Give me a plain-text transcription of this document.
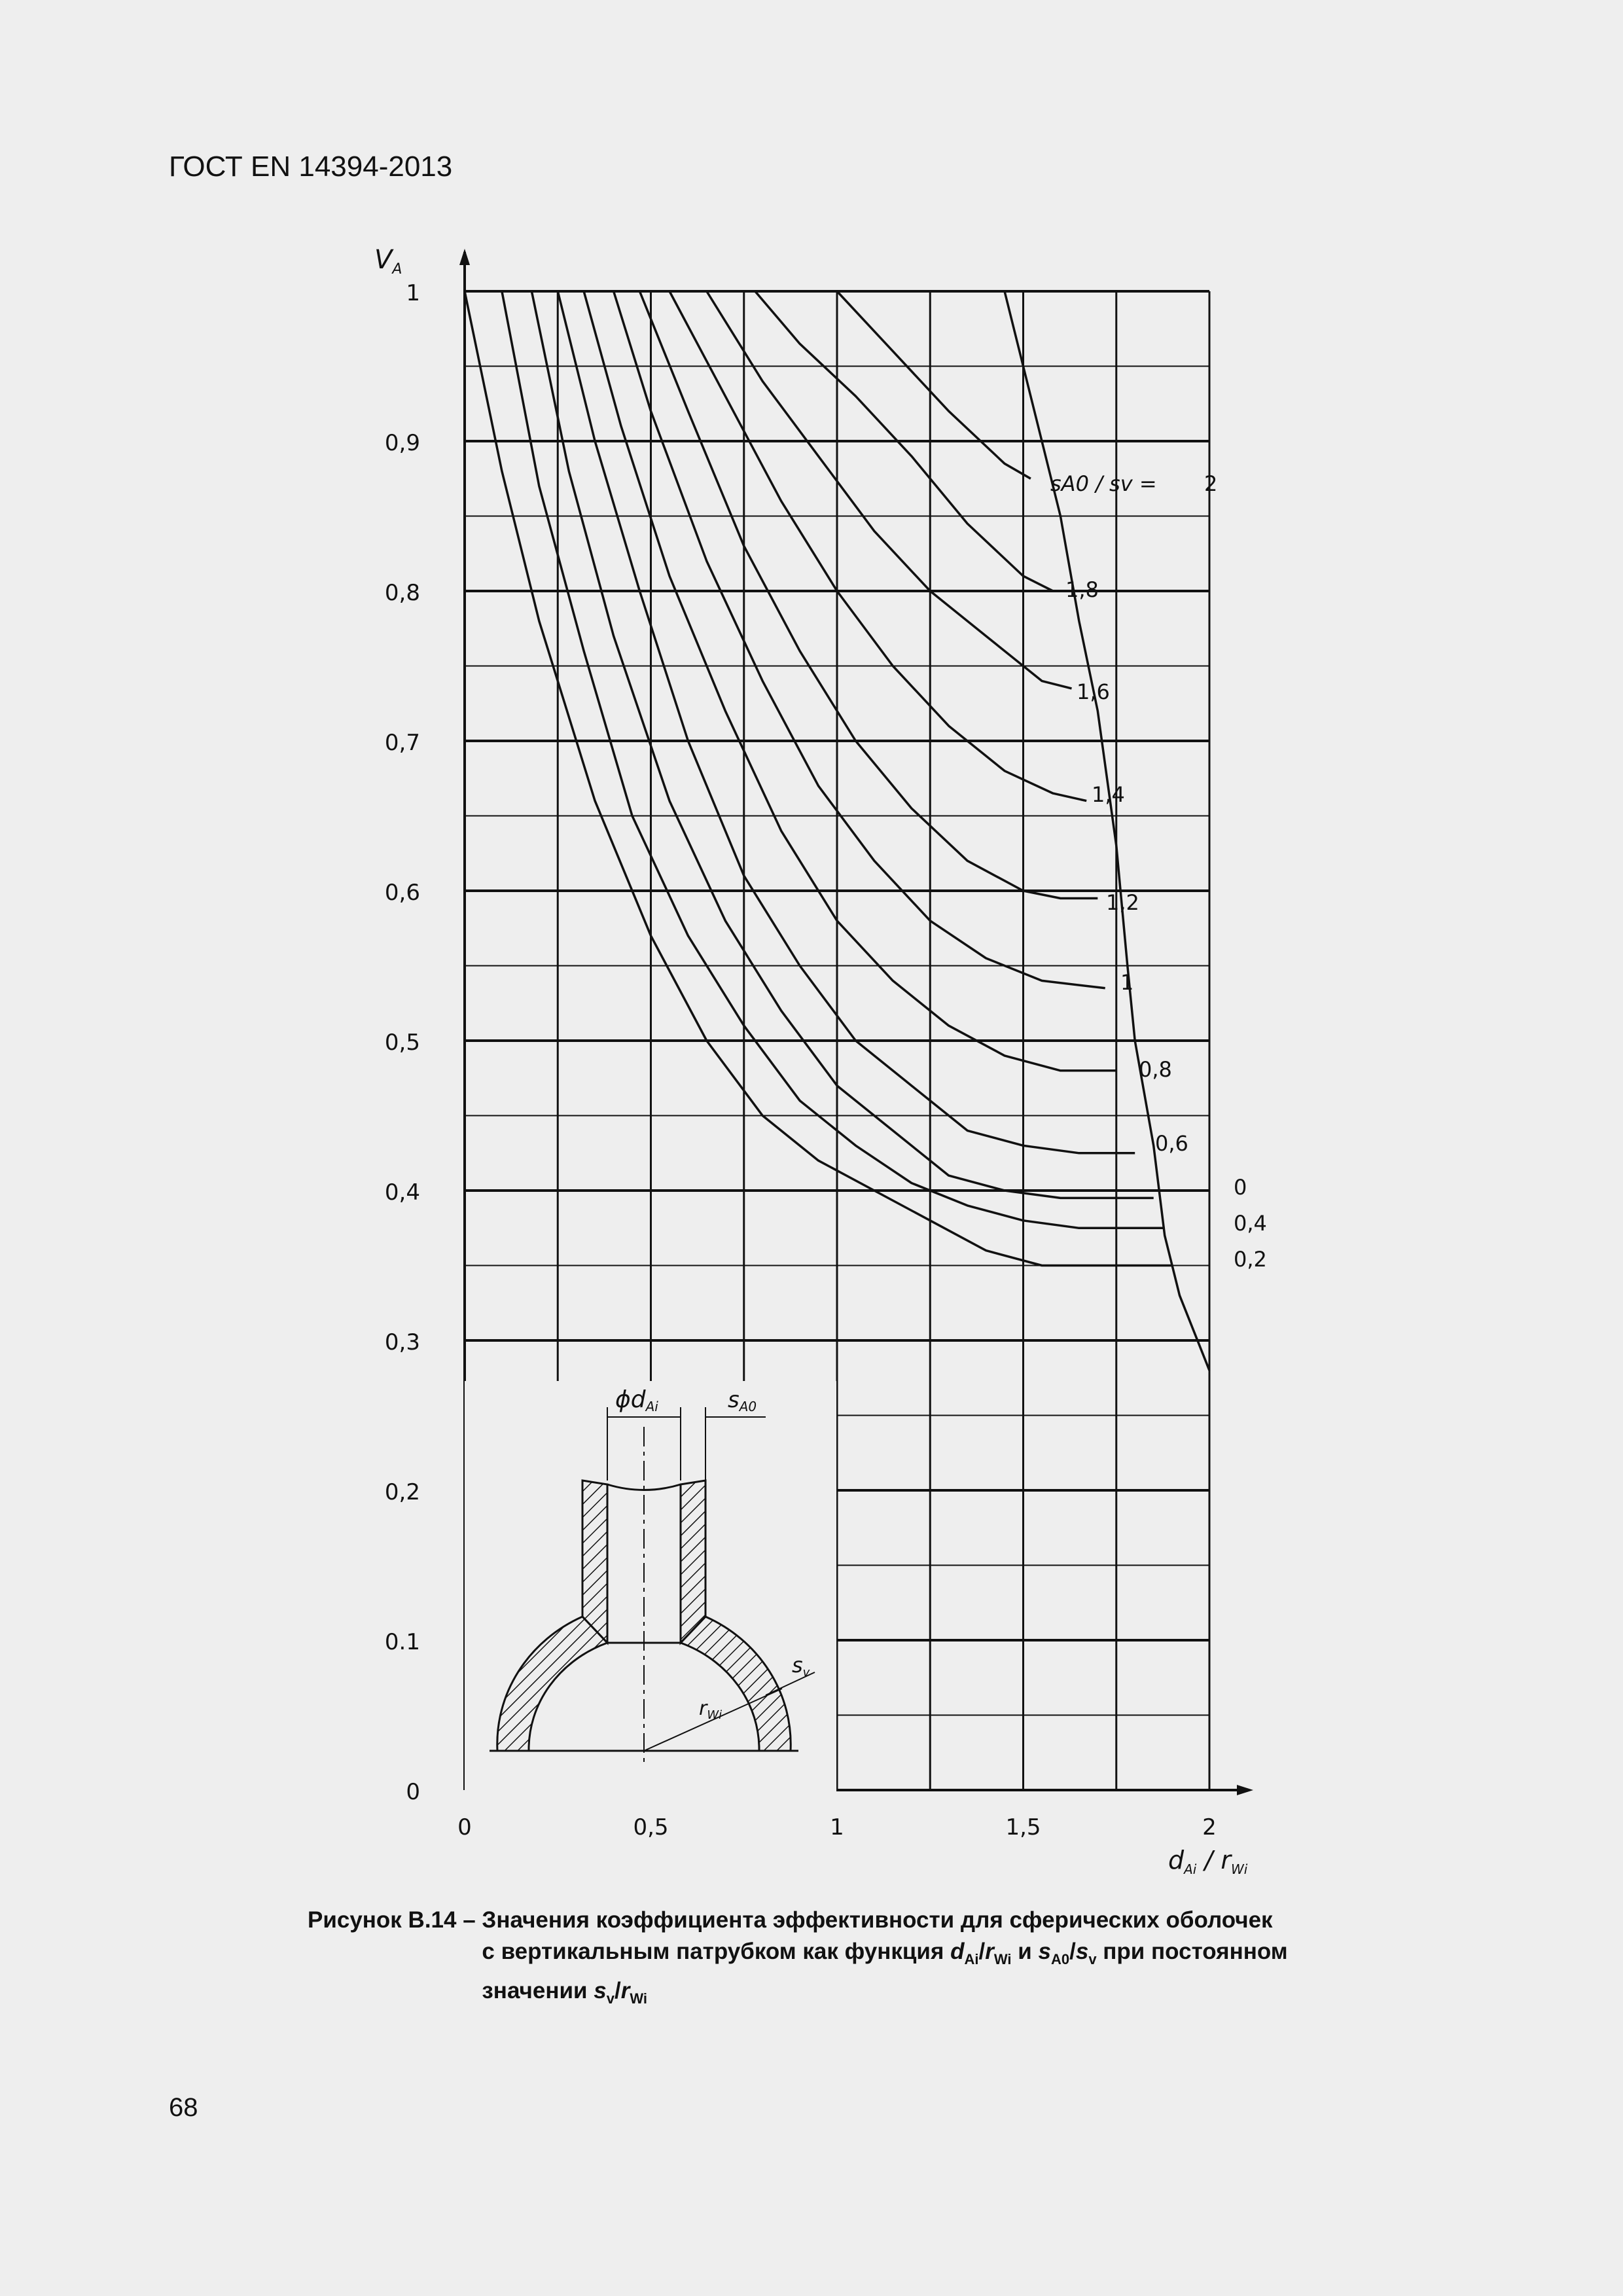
ГОСТ EN 14394-2013
0
0.1
0,2
0,3
0,4
0,5
0,6
0,7
0,8
0,9
1
0	0,5	1	1,5	2
2
1,8
1,6
1,4
1,2
1
0,8
0,6
0
0,4
0,2
ϕdAi	sA0
sv
$r_{Wi}$
$V_A$
$d_{Ai} / r_{Wi}$
sA0 / sv =
Рисунок В.14 – Значения коэффициента эффективности для сферических оболочек
с вертикальным патрубком как функция $d_{Ai}/r_{Wi}$ и $s_{A0}/s_v$ при постоянном
значении $s_v/r_{Wi}$
68
